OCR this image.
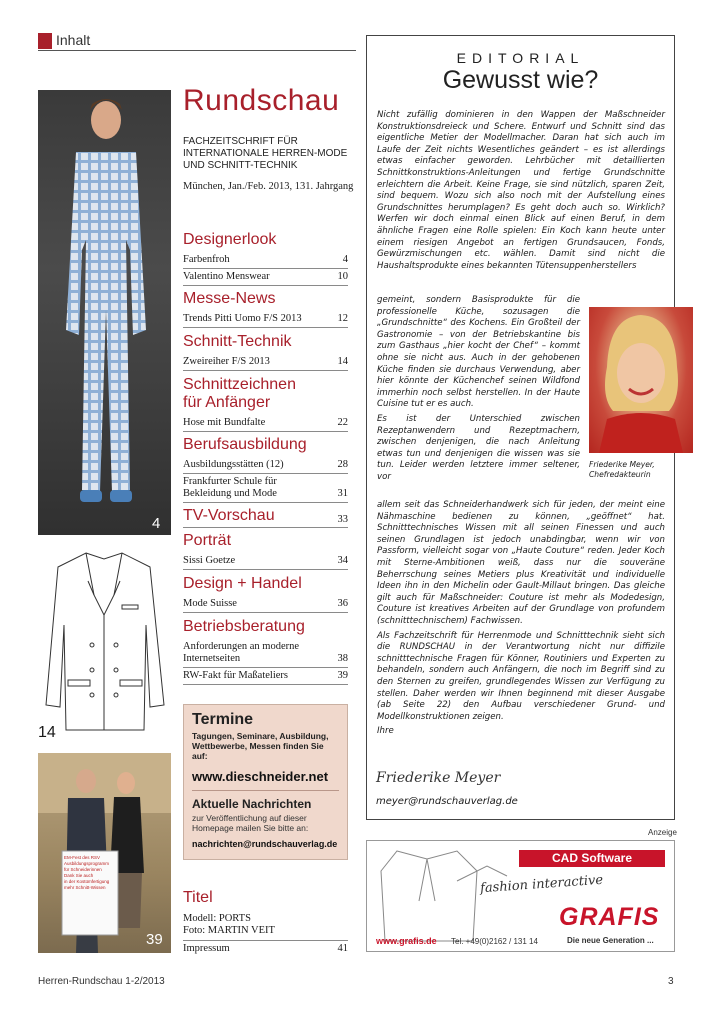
Inhalt
4
14
EM-Fest des RSV
Ausbildungsprogramm
für Schneiderinnen
Dank Sie auch
in der Kostümfertigung
mehr Schnitt-Wissen
39
Rundschau
FACHZEITSCHRIFT FÜR INTERNATIONALE HERREN-MODE UND SCHNITT-TECHNIK
München, Jan./Feb. 2013, 131. Jahrgang
Designerlook
Farbenfroh	4
Valentino Menswear	10
Messe-News
Trends Pitti Uomo F/S 2013	12
Schnitt-Technik
Zweireiher F/S 2013	14
Schnittzeichnen für Anfänger
Hose mit Bundfalte	22
Berufsausbildung
Ausbildungsstätten (12)	28
Frankfurter Schule für Bekleidung und Mode	31
TV-Vorschau	33
Porträt
Sissi Goetze	34
Design + Handel
Mode Suisse	36
Betriebsberatung
Anforderungen an moderne Internetseiten	38
RW-Fakt für Maßateliers	39
Termine
Tagungen, Seminare, Ausbildung, Wettbewerbe, Messen finden Sie auf:
www.dieschneider.net
Aktuelle Nachrichten
zur Veröffentlichung auf dieser Homepage mailen Sie bitte an:
nachrichten@rundschauverlag.de
Titel
Modell: PORTS
Foto: MARTIN VEIT
Impressum	41
EDITORIAL
Gewusst wie?

Nicht zufällig dominieren in den Wappen der Maßschneider Konstruktionsdreieck und Schere. Entwurf und Schnitt sind das eigentliche Metier der Modellmacher. Daran hat sich auch im Laufe der Zeit nichts Wesentliches geändert – es ist allerdings etwas einfacher geworden. Lehrbücher mit detaillierten Schnittkonstruktions-Anleitungen und fertige Grundschnitte erleichtern die Arbeit. Keine Frage, sie sind nützlich, sparen Zeit, sind bequem. Wozu sich also noch mit der Aufstellung eines Grundschnittes herumplagen? Es geht doch auch so. Wirklich? Werfen wir doch einmal einen Blick auf einen Beruf, in dem ähnliche Fragen eine Rolle spielen: Ein Koch kann heute unter einem riesigen Angebot an fertigen Grundsaucen, Fonds, Gewürzmischungen etc. wählen. Damit sind nicht die Haushaltsprodukte eines bekannten Tütensuppenherstellers

gemeint, sondern Basisprodukte für die professionelle Küche, sozusagen die „Grundschnitte“ des Kochens. Ein Großteil der Gastronomie – von der Betriebskantine bis zum Gasthaus „hier kocht der Chef“ – kommt ohne sie nicht aus. Auch in der gehobenen Küche finden sie durchaus Verwendung, aber hier könnte der Küchenchef seinen Wildfond immerhin noch selbst herstellen. In der Haute Cuisine tut er es auch.

Es ist der Unterschied zwischen Rezeptanwendern und Rezeptmachern, zwischen denjenigen, die nach Anleitung etwas tun und denjenigen die wissen was sie tun. Leider werden letztere immer seltener, vor

allem seit das Schneiderhandwerk sich für jeden, der meint eine Nähmaschine bedienen zu können, „geöffnet“ hat. Schnitttechnisches Wissen mit all seinen Finessen und auch seinen Grundlagen ist jedoch unabdingbar, wenn wir von Passform, vielleicht sogar von „Haute Couture“ reden. Jeder Koch mit Sterne-Ambitionen weiß, dass nur die souveräne Beherrschung seines Metiers plus Kreativität und individuelle Ideen ihn in den Michelin oder Gault-Millaut bringen. Das gleiche gilt auch für Maßschneider: Couture ist mehr als Modedesign, Couture ist kreatives Arbeiten auf der Grundlage von profundem (schnitttechnischem) Fachwissen.

Als Fachzeitschrift für Herrenmode und Schnitttechnik sieht sich die RUNDSCHAU in der Verantwortung nicht nur diffizile schnitttechnische Fragen für Könner, Routiniers und Experten zu behandeln, sondern auch Anfängern, die noch im Begriff sind zu den Sternen zu greifen, grundlegendes Wissen zur Verfügung zu stellen. Daher werden wir Ihnen beginnend mit dieser Ausgabe (ab Seite 22) den Aufbau verschiedener Grund- und Modellkonstruktionen zeigen.

Ihre

Friederike Meyer, Chefredakteurin
Friederike Meyer
meyer@rundschauverlag.de
Anzeige
CAD Software
fashion interactive
GRAFIS
www.grafis.de Tel. +49(0)2162 / 131 14	Die neue Generation ...
Herren-Rundschau 1-2/2013	3
